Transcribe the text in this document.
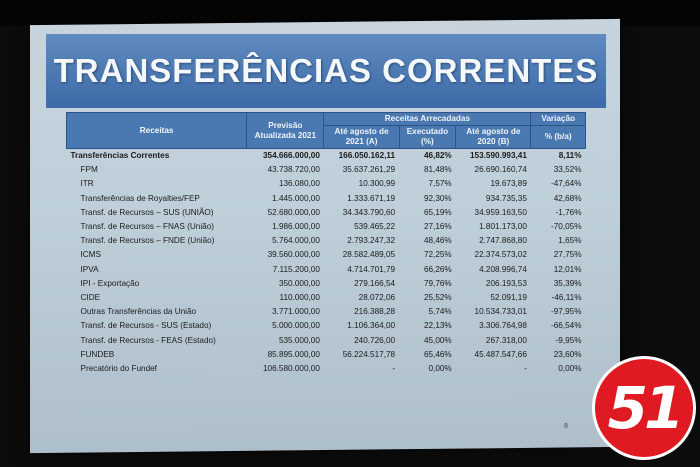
TRANSFERÊNCIAS CORRENTES
Receitas	Previsão Atualizada 2021	Receitas Arrecadadas			Variação
		Até agosto de 2021 (A)	Executado (%)	Até agosto de 2020 (B)	% (b/a)
Transferências Correntes	354.666.000,00	166.050.162,11	46,82%	153.590.993,41	8,11%
FPM	43.738.720,00	35.637.261,29	81,48%	26.690.160,74	33,52%
ITR	136.080,00	10.300,99	7,57%	19.673,89	-47,64%
Transferências de Royalties/FEP	1.445.000,00	1.333.671,19	92,30%	934.735,35	42,68%
Transf. de Recursos – SUS (UNIÃO)	52.680.000,00	34.343.790,60	65,19%	34.959.163,50	-1,76%
Transf. de Recursos – FNAS (União)	1.986.000,00	539.465,22	27,16%	1.801.173,00	-70,05%
Transf. de Recursos – FNDE (União)	5.764.000,00	2.793.247,32	48,46%	2.747.868,80	1,65%
ICMS	39.560.000,00	28.582.489,05	72,25%	22.374.573,02	27,75%
IPVA	7.115.200,00	4.714.701,79	66,26%	4.208.996,74	12,01%
IPI - Exportação	350.000,00	279.166,54	79,76%	206.193,53	35,39%
CIDE	110.000,00	28.072,06	25,52%	52.091,19	-46,11%
Outras Transferências da União	3.771.000,00	216.388,28	5,74%	10.534.733,01	-97,95%
Transf. de Recursos - SUS (Estado)	5.000.000,00	1.106.364,00	22,13%	3.306.764,98	-66,54%
Transf. de Recursos - FEAS (Estado)	535.000,00	240.726,00	45,00%	267.318,00	-9,95%
FUNDEB	85.895.000,00	56.224.517,78	65,46%	45.487.547,66	23,60%
Precatório do Fundef	106.580.000,00	-	0,00%	-	0,00%
8 51
